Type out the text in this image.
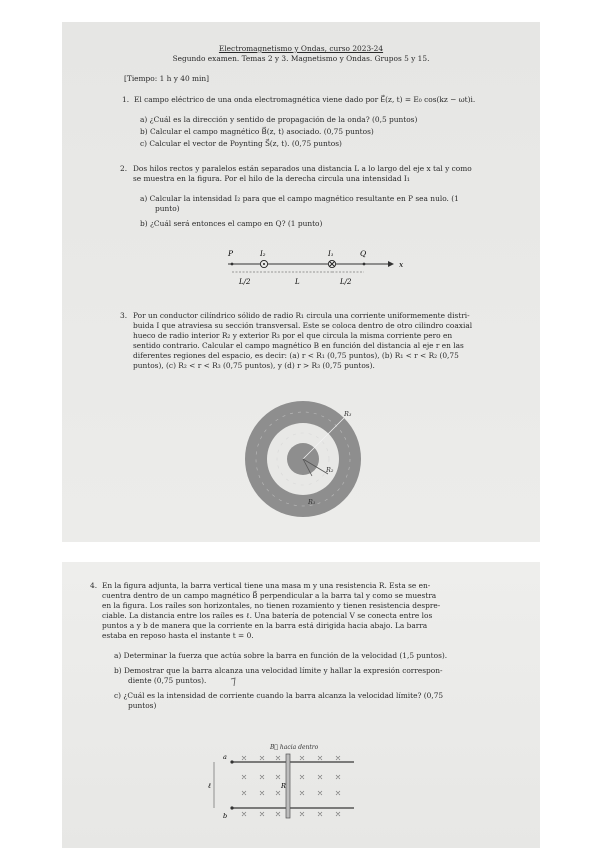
Electromagnetismo y Ondas, curso 2023-24
Segundo examen. Temas 2 y 3. Magnetismo y Ondas. Grupos 5 y 15.
[Tiempo: 1 h y 40 min]
1. El campo eléctrico de una onda electromagnética viene dado por E⃗(z, t) = E₀ cos(kz − ωt)i.
a) ¿Cuál es la dirección y sentido de propagación de la onda? (0,5 puntos)
b) Calcular el campo magnético B⃗(z, t) asociado. (0,75 puntos)
c) Calcular el vector de Poynting S⃗(z, t). (0,75 puntos)
2. Dos hilos rectos y paralelos están separados una distancia L a lo largo del eje x tal y como
se muestra en la figura. Por el hilo de la derecha circula una intensidad I₁
a) Calcular la intensidad I₂ para que el campo magnético resultante en P sea nulo. (1
punto)
b) ¿Cuál será entonces el campo en Q? (1 punto)
P	I₂	I₁	Q
x
L/2	L	L/2
3. Por un conductor cilíndrico sólido de radio R₁ circula una corriente uniformemente distri-
buida I que atraviesa su sección transversal. Este se coloca dentro de otro cilindro coaxial
hueco de radio interior R₂ y exterior R₃ por el que circula la misma corriente pero en
sentido contrario. Calcular el campo magnético B en función del distancia al eje r en las
diferentes regiones del espacio, es decir: (a) r < R₁ (0,75 puntos), (b) R₁ < r < R₂ (0,75
puntos), (c) R₂ < r < R₃ (0,75 puntos), y (d) r > R₃ (0,75 puntos).
R₃
R₂
R₁
4. En la figura adjunta, la barra vertical tiene una masa m y una resistencia R. Esta se en-
cuentra dentro de un campo magnético B⃗ perpendicular a la barra tal y como se muestra
en la figura. Los raíles son horizontales, no tienen rozamiento y tienen resistencia despre-
ciable. La distancia entre los raíles es ℓ. Una batería de potencial V se conecta entre los
puntos a y b de manera que la corriente en la barra está dirigida hacia abajo. La barra
estaba en reposo hasta el instante t = 0.
a) Determinar la fuerza que actúa sobre la barra en función de la velocidad (1,5 puntos).
b) Demostrar que la barra alcanza una velocidad límite y hallar la expresión correspon-
diente (0,75 puntos).
c) ¿Cuál es la intensidad de corriente cuando la barra alcanza la velocidad límite? (0,75
puntos)
B⃗ hacia dentro
a
b
ℓ	R
